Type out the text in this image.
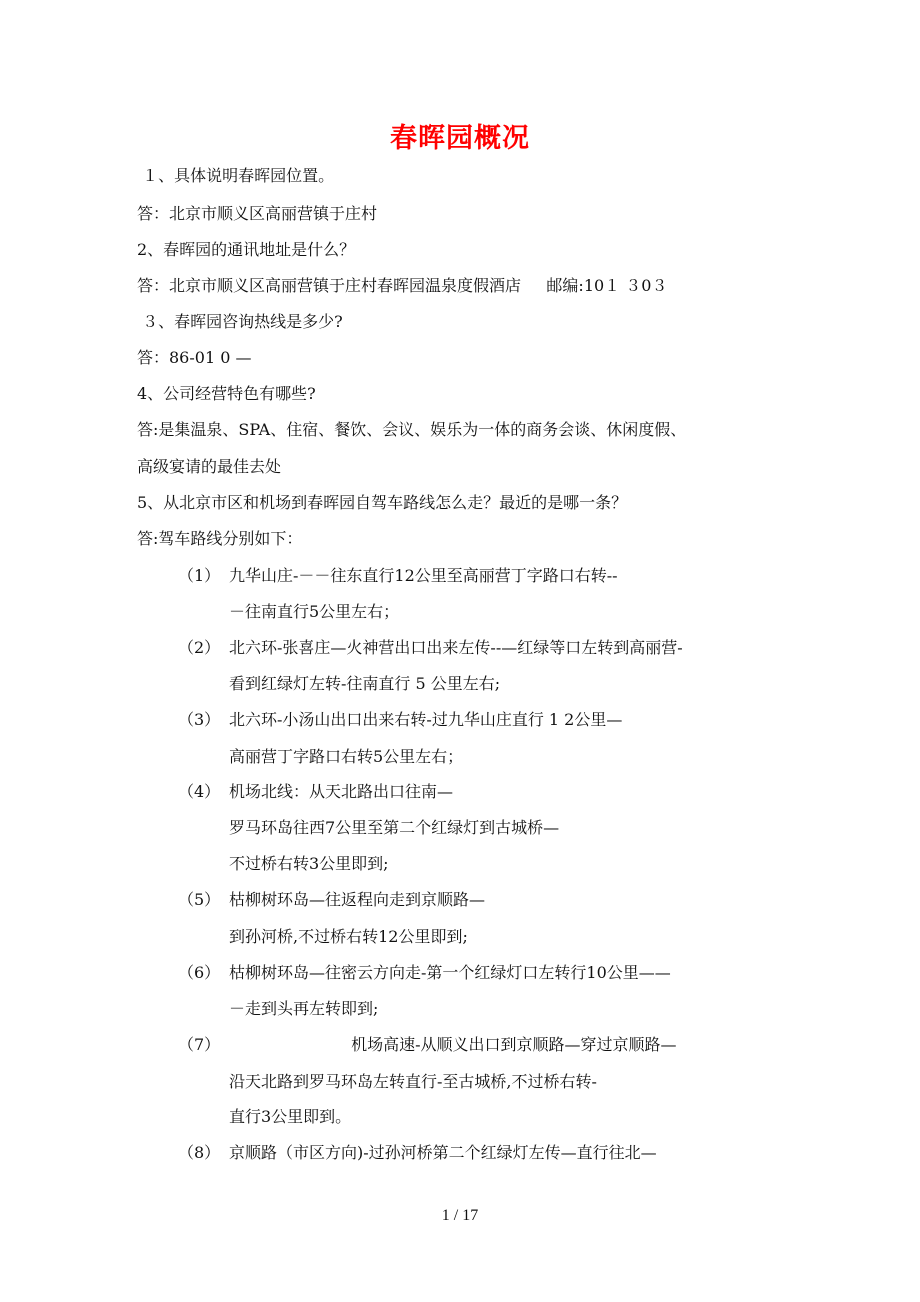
春晖园概况
１、具体说明春晖园位置。
答：北京市顺义区高丽营镇于庄村
2、春晖园的通讯地址是什么？
答：北京市顺义区高丽营镇于庄村春晖园温泉度假酒店     邮编:10１ ３0３
３、春晖园咨询热线是多少?
答：86-01 0 —
4、公司经营特色有哪些?
答:是集温泉、SPA、住宿、餐饮、会议、娱乐为一体的商务会谈、休闲度假、
高级宴请的最佳去处
5、从北京市区和机场到春晖园自驾车路线怎么走？最近的是哪一条？
答:驾车路线分别如下：
（1） 九华山庄-－－往东直行12公里至高丽营丁字路口右转--
－往南直行5公里左右；
（2） 北六环-张喜庄—火神营出口出来左传--—红绿等口左转到高丽营-
看到红绿灯左转-往南直行 5 公里左右;
（3） 北六环-小汤山出口出来右转-过九华山庄直行 1 2公里—
高丽营丁字路口右转5公里左右；
（4） 机场北线：从天北路出口往南—
罗马环岛往西7公里至第二个红绿灯到古城桥—
不过桥右转3公里即到;
（5） 枯柳树环岛—往返程向走到京顺路—
到孙河桥,不过桥右转12公里即到;
（6） 枯柳树环岛—往密云方向走-第一个红绿灯口左转行10公里——
－走到头再左转即到;
（7） 机场高速-从顺义出口到京顺路—穿过京顺路—
沿天北路到罗马环岛左转直行-至古城桥,不过桥右转-
直行3公里即到。
（8） 京顺路（市区方向)-过孙河桥第二个红绿灯左传—直行往北—
1 / 17
